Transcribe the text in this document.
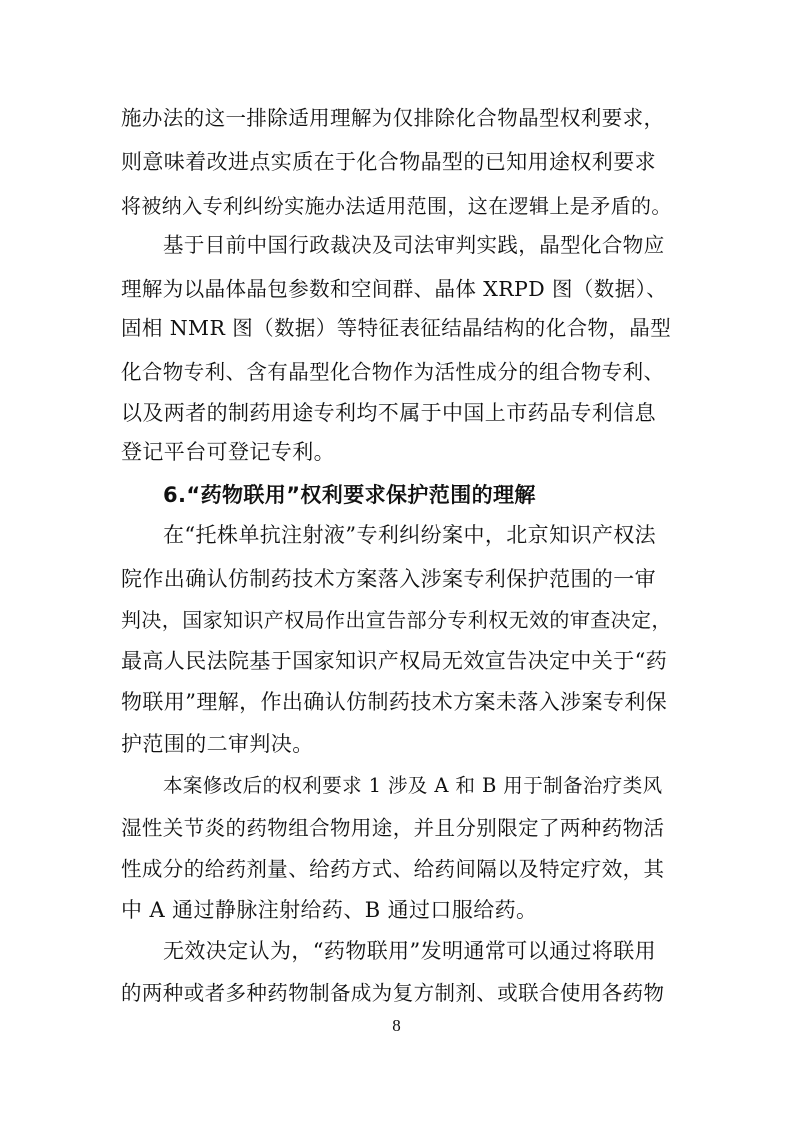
施办法的这一排除适用理解为仅排除化合物晶型权利要求，
则意味着改进点实质在于化合物晶型的已知用途权利要求
将被纳入专利纠纷实施办法适用范围，这在逻辑上是矛盾的。
基于目前中国行政裁决及司法审判实践，晶型化合物应
理解为以晶体晶包参数和空间群、晶体 XRPD 图（数据）、
固相 NMR 图（数据）等特征表征结晶结构的化合物，晶型
化合物专利、含有晶型化合物作为活性成分的组合物专利、
以及两者的制药用途专利均不属于中国上市药品专利信息
登记平台可登记专利。
6.“药物联用”权利要求保护范围的理解
在“托株单抗注射液”专利纠纷案中，北京知识产权法
院作出确认仿制药技术方案落入涉案专利保护范围的一审
判决，国家知识产权局作出宣告部分专利权无效的审查决定，
最高人民法院基于国家知识产权局无效宣告决定中关于“药
物联用”理解，作出确认仿制药技术方案未落入涉案专利保
护范围的二审判决。
本案修改后的权利要求 1 涉及 A 和 B 用于制备治疗类风
湿性关节炎的药物组合物用途，并且分别限定了两种药物活
性成分的给药剂量、给药方式、给药间隔以及特定疗效，其
中 A 通过静脉注射给药、B 通过口服给药。
无效决定认为，“药物联用”发明通常可以通过将联用
的两种或者多种药物制备成为复方制剂、或联合使用各药物
8
